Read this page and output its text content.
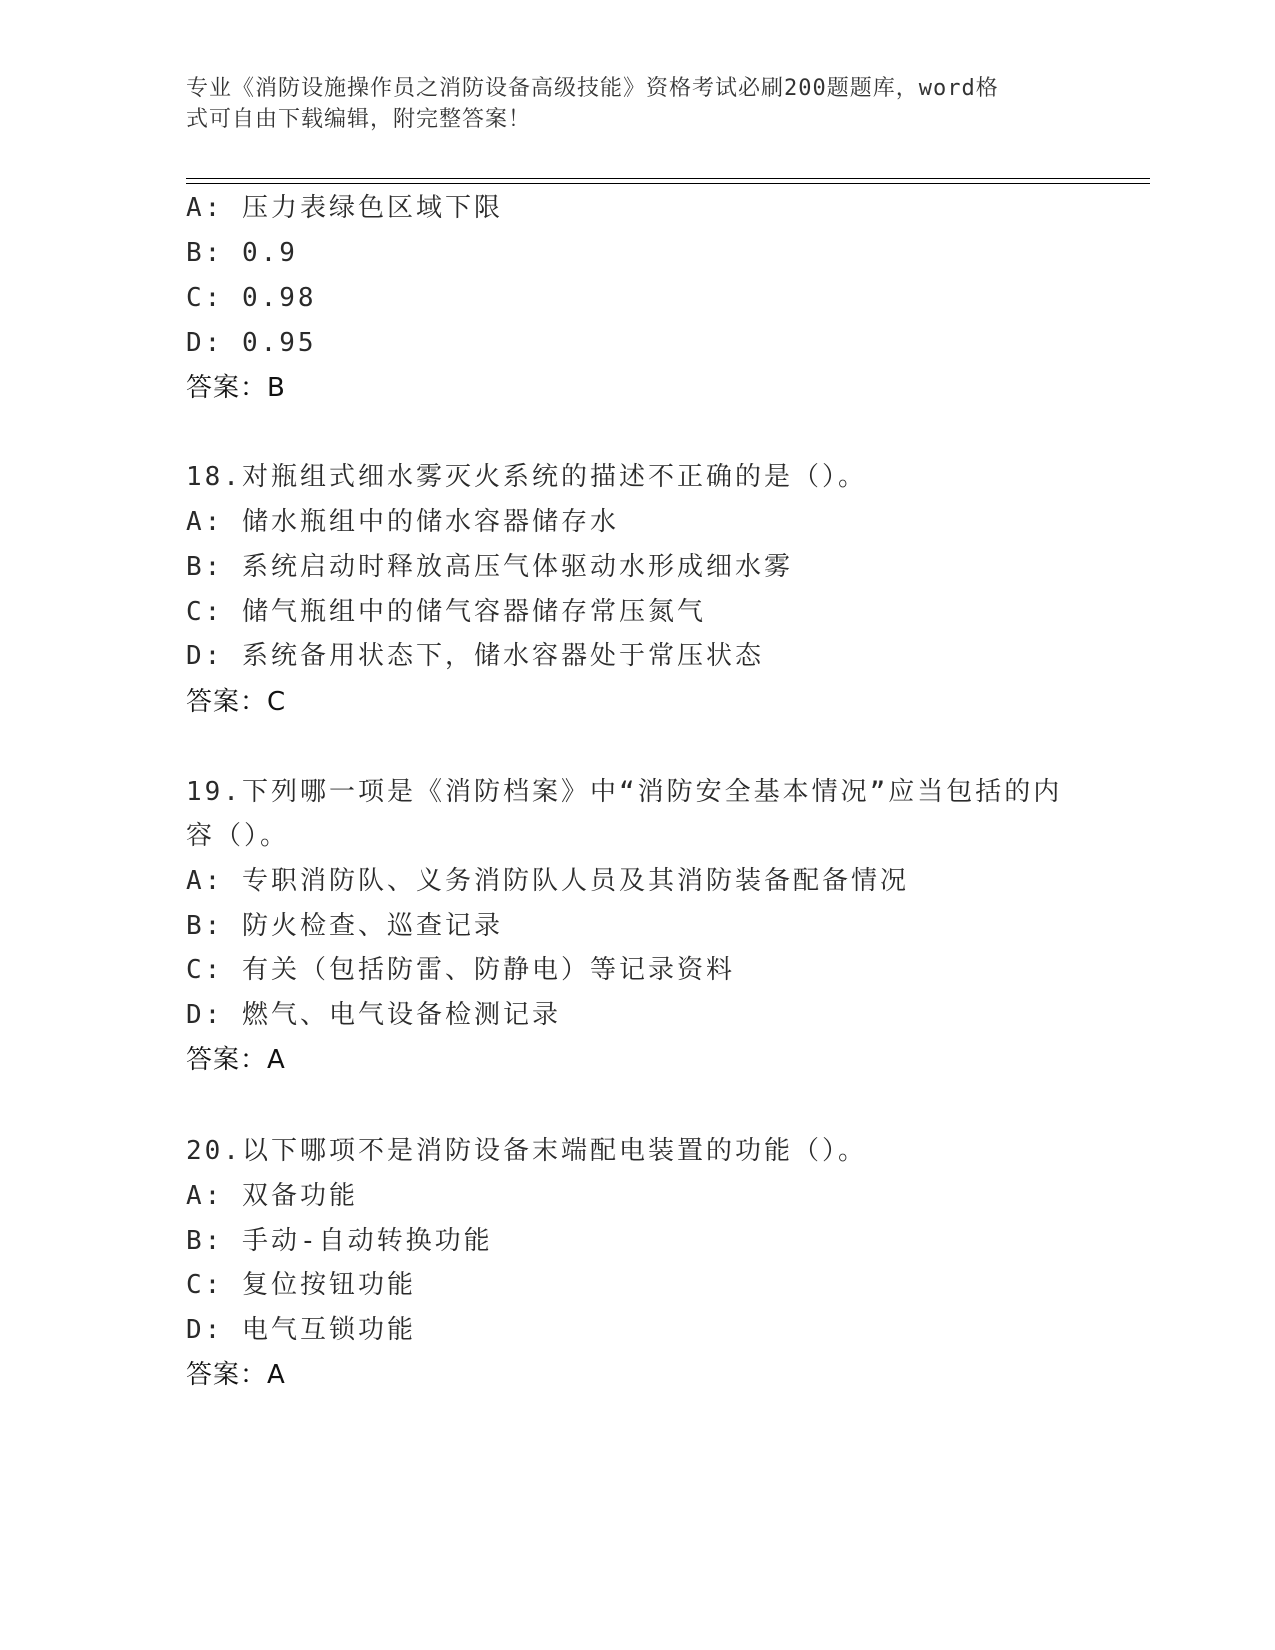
专业《消防设施操作员之消防设备高级技能》资格考试必刷200题题库，word格
式可自由下载编辑，附完整答案！
A: 压力表绿色区域下限
B: 0.9
C: 0.98
D: 0.95
答案：B
18.对瓶组式细水雾灭火系统的描述不正确的是（）。
A: 储水瓶组中的储水容器储存水
B: 系统启动时释放高压气体驱动水形成细水雾
C: 储气瓶组中的储气容器储存常压氮气
D: 系统备用状态下，储水容器处于常压状态
答案：C
19.下列哪一项是《消防档案》中“消防安全基本情况”应当包括的内
容（）。
A: 专职消防队、义务消防队人员及其消防装备配备情况
B: 防火检查、巡查记录
C: 有关（包括防雷、防静电）等记录资料
D: 燃气、电气设备检测记录
答案：A
20.以下哪项不是消防设备末端配电装置的功能（）。
A: 双备功能
B: 手动-自动转换功能
C: 复位按钮功能
D: 电气互锁功能
答案：A
